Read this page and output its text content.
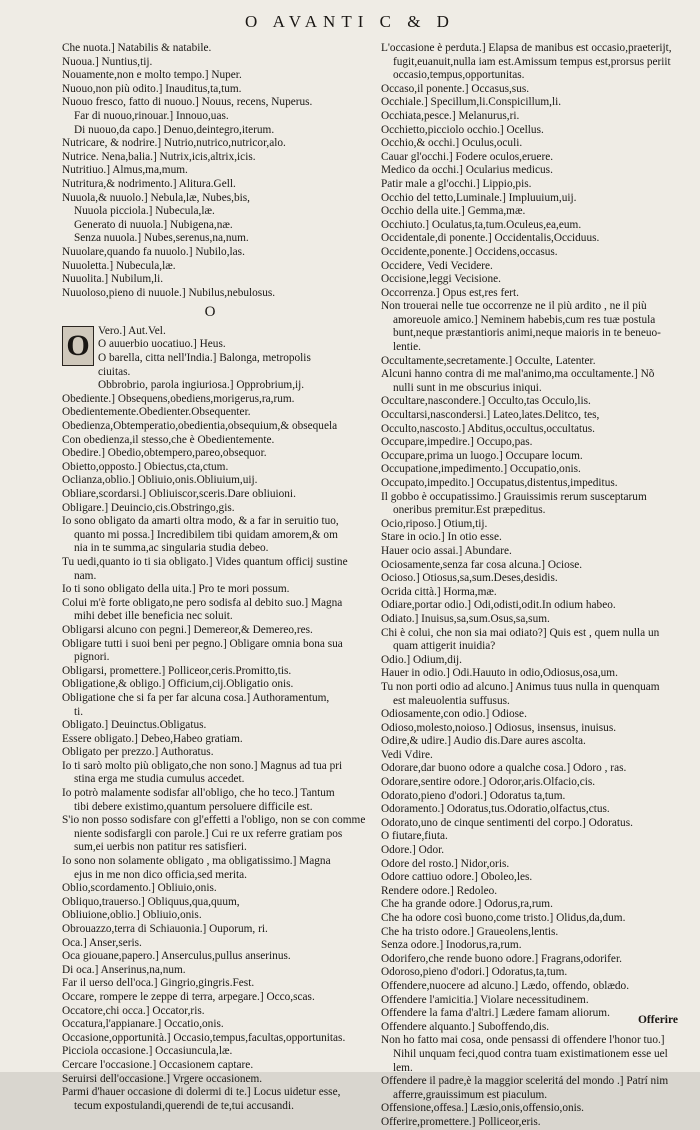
O AVANTI C & D
Che nuota.] Natabilis & natabile.
Nuoua.] Nuntius,tij.
Nouamente,non e molto tempo.] Nuper.
Nuouo,non più odito.] Inauditus,ta,tum.
Nuouo fresco, fatto di nuouo.] Nouus, recens, Nuperus.
Far di nuouo,rinouar.] Innouo,uas.
Di nuouo,da capo.] Denuo,deintegro,iterum.
Nutricare, & nodrire.] Nutrio,nutrico,nutricor,alo.
Nutrice. Nena,balia.] Nutrix,icis,altrix,icis.
Nutritiuo.] Almus,ma,mum.
Nutritura,& nodrimento.] Alitura.Gell.
Nuuola,& nuuolo.] Nebula,læ, Nubes,bis,
Nuuola picciola.] Nubecula,læ.
Generato di nuuola.] Nubigena,næ.
Senza nuuola.] Nubes,serenus,na,num.
Nuuolare,quando fa nuuolo.] Nubilo,las.
Nuuoletta.] Nubecula,læ.
Nuuolita.] Nubilum,li.
Nuuoloso,pieno di nuuole.] Nubilus,nebulosus.
O
O Vero.] Aut.Vel.
O auuerbio uocatiuo.] Heus.
O barella, citta nell'India.] Balonga, metropolis
ciuitas.
Obbrobrio, parola ingiuriosa.] Opprobrium,ij.
Obediente.] Obsequens,obediens,morigerus,ra,rum.
Obedientemente.Obedienter.Obsequenter.
Obedienza,Obtemperatio,obedientia,obsequium,& obsequela
Con obedienza,il stesso,che è Obedientemente.
Obedire.] Obedio,obtempero,pareo,obsequor.
Obietto,opposto.] Obiectus,cta,ctum.
Oclianza,oblio.] Obliuio,onis.Obliuium,uij.
Obliare,scordarsi.] Obliuiscor,sceris.Dare obliuioni.
Obligare.] Deuincio,cis.Obstringo,gis.
Io sono obligato da amarti oltra modo, & a far in seruitio tuo,
quanto mi possa.] Incredibilem tibi quidam amorem,& om
nia in te summa,ac singularia studia debeo.
Tu uedi,quanto io ti sia obligato.] Vides quantum officij sustine
nam.
Io ti sono obligato della uita.] Pro te mori possum.
Colui m'è forte obligato,ne pero sodisfa al debito suo.] Magna
mihi debet ille beneficia nec soluit.
Obligarsi alcuno con pegni.] Demereor,& Demereo,res.
Obligare tutti i suoi beni per pegno.] Obligare omnia bona sua
pignori.
Obligarsi, promettere.] Polliceor,ceris.Promitto,tis.
Obligatione,& obligo.] Officium,cij.Obligatio onis.
Obligatione che si fa per far alcuna cosa.] Authoramentum,
ti.
Obligato.] Deuinctus.Obligatus.
Essere obligato.] Debeo,Habeo gratiam.
Obligato per prezzo.] Authoratus.
Io ti sarò molto più obligato,che non sono.] Magnus ad tua pri
stina erga me studia cumulus accedet.
Io potrò malamente sodisfar all'obligo, che ho teco.] Tantum
tibi debere existimo,quantum persoluere difficile est.
S'io non posso sodisfare con gl'effetti a l'obligo, non se con comme
niente sodisfargli con parole.] Cui re ux referre gratiam pos
sum,ei uerbis non patitur res satisfieri.
Io sono non solamente obligato , ma obligatissimo.] Magna
ejus in me non dico officia,sed merita.
Oblio,scordamento.] Obliuio,onis.
Obliquo,trauerso.] Obliquus,qua,quum,
Obliuione,oblio.] Obliuio,onis.
Obrouazzo,terra di Schiauonia.] Ouporum, ri.
Oca.] Anser,seris.
Oca giouane,papero.] Anserculus,pullus anserinus.
Di oca.] Anserinus,na,num.
Far il uerso dell'oca.] Gingrio,gingris.Fest.
Occare, rompere le zeppe di terra, arpegare.] Occo,scas.
Occatore,chi occa.] Occator,ris.
Occatura,l'appianare.] Occatio,onis.
Occasione,opportunità.] Occasio,tempus,facultas,opportunitas.
Picciola occasione.] Occasiuncula,læ.
Cercare l'occasione.] Occasionem captare.
Seruirsi dell'occasione.] Vrgere occasionem.
Parmi d'hauer occasione di dolermi di te.] Locus uidetur esse,
tecum expostulandi,querendi de te,tui accusandi.
L'occasione è perduta.] Elapsa de manibus est occasio,praeterijt,
fugit,euanuit,nulla iam est.Amissum tempus est,prorsus periit
occasio,tempus,opportunitas.
Occaso,il ponente.] Occasus,sus.
Occhiale.] Specillum,li.Conspicillum,li.
Occhiata,pesce.] Melanurus,ri.
Occhietto,picciolo occhio.] Ocellus.
Occhio,& occhi.] Oculus,oculi.
Cauar gl'occhi.] Fodere oculos,eruere.
Medico da occhi.] Ocularius medicus.
Patir male a gl'occhi.] Lippio,pis.
Occhio del tetto,Luminale.] Impluuium,uij.
Occhio della uite.] Gemma,mæ.
Occhiuto.] Oculatus,ta,tum.Oculeus,ea,eum.
Occidentale,di ponente.] Occidentalis,Occiduus.
Occidente,ponente.] Occidens,occasus.
Occidere, Vedi Vecidere.
Occisione,leggi Vecisione.
Occorrenza.] Opus est,res fert.
Non trouerai nelle tue occorrenze ne il più ardito , ne il più
amoreuole amico.] Neminem habebis,cum res tuæ postula
bunt,neque præstantioris animi,neque maioris in te beneuo-
lentie.
Occultamente,secretamente.] Occulte, Latenter.
Alcuni hanno contra di me mal'animo,ma occultamente.] Nõ
nulli sunt in me obscurius iniqui.
Occultare,nascondere.] Occulto,tas Occulo,lis.
Occultarsi,nascondersi.] Lateo,lates.Delitco, tes,
Occulto,nascosto.] Abditus,occultus,occultatus.
Occupare,impedire.] Occupo,pas.
Occupare,prima un luogo.] Occupare locum.
Occupatione,impedimento.] Occupatio,onis.
Occupato,impedito.] Occupatus,distentus,impeditus.
Il gobbo è occupatissimo.] Grauissimis rerum susceptarum
oneribus premitur.Est præpeditus.
Ocio,riposo.] Otium,tij.
Stare in ocio.] In otio esse.
Hauer ocio assai.] Abundare.
Ociosamente,senza far cosa alcuna.] Ociose.
Ocioso.] Otiosus,sa,sum.Deses,desidis.
Ocrida città.] Horma,mæ.
Odiare,portar odio.] Odi,odisti,odit.In odium habeo.
Odiato.] Inuisus,sa,sum.Osus,sa,sum.
Chi è colui, che non sia mai odiato?] Quis est , quem nulla un
quam attigerit inuidia?
Odio.] Odium,dij.
Hauer in odio.] Odi.Hauuto in odio,Odiosus,osa,um.
Tu non porti odio ad alcuno.] Animus tuus nulla in quenquam
est maleuolentia suffusus.
Odiosamente,con odio.] Odiose.
Odioso,molesto,noioso.] Odiosus, insensus, inuisus.
Odire,& udire.] Audio dis.Dare aures ascolta.
Vedi Vdire.
Odorare,dar buono odore a qualche cosa.] Odoro , ras.
Odorare,sentire odore.] Odoror,aris.Olfacio,cis.
Odorato,pieno d'odori.] Odoratus ta,tum.
Odoramento.] Odoratus,tus.Odoratio,olfactus,ctus.
Odorato,uno de cinque sentimenti del corpo.] Odoratus.
O fiutare,fiuta.
Odore.] Odor.
Odore del rosto.] Nidor,oris.
Odore cattiuo odore.] Oboleo,les.
Rendere odore.] Redoleo.
Che ha grande odore.] Odorus,ra,rum.
Che ha odore così buono,come tristo.] Olidus,da,dum.
Che ha tristo odore.] Graueolens,lentis.
Senza odore.] Inodorus,ra,rum.
Odorifero,che rende buono odore.] Fragrans,odorifer.
Odoroso,pieno d'odori.] Odoratus,ta,tum.
Offendere,nuocere ad alcuno.] Lædo, offendo, oblædo.
Offendere l'amicitia.] Violare necessitudinem.
Offendere la fama d'altri.] Lædere famam aliorum.
Offendere alquanto.] Suboffendo,dis.
Non ho fatto mai cosa, onde pensassi di offendere l'honor tuo.]
Nihil unquam feci,quod contra tuam existimationem esse uel
lem.
Offendere il padre,è la maggior sceleritá del mondo .] Patrí nim
afferre,grauissimum est piaculum.
Offensione,offesa.] Læsio,onis,offensio,onis.
Offerire,promettere.] Polliceor,eris.
Offerire
